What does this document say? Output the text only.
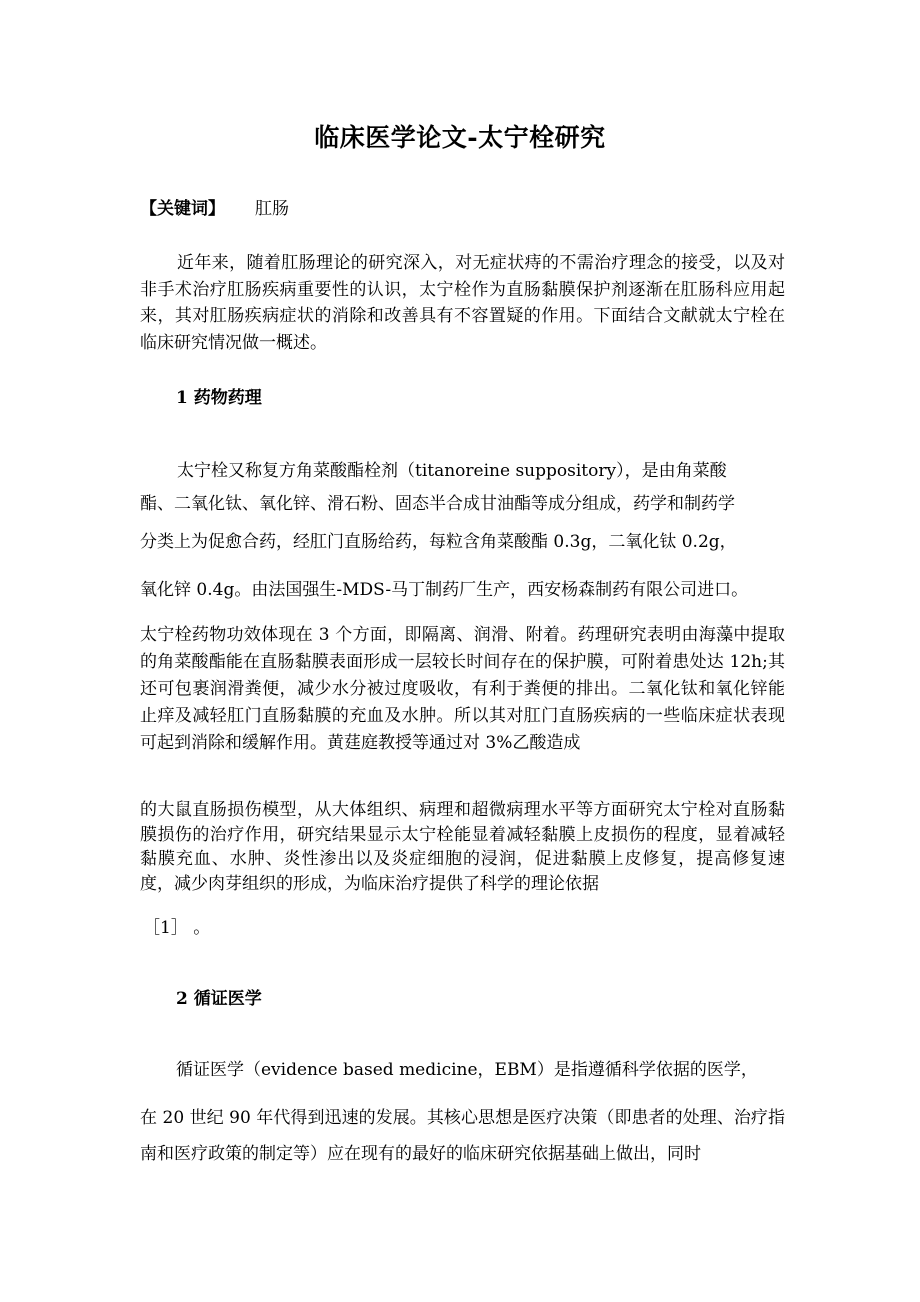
临床医学论文-太宁栓研究
【关键词】 肛肠
近年来，随着肛肠理论的研究深入，对无症状痔的不需治疗理念的接受，以及对非手术治疗肛肠疾病重要性的认识，太宁栓作为直肠黏膜保护剂逐渐在肛肠科应用起来，其对肛肠疾病症状的消除和改善具有不容置疑的作用。下面结合文献就太宁栓在临床研究情况做一概述。
1 药物药理
太宁栓又称复方角菜酸酯栓剂（titanoreine suppository），是由角菜酸
酯、二氧化钛、氧化锌、滑石粉、固态半合成甘油酯等成分组成，药学和制药学
分类上为促愈合药，经肛门直肠给药，每粒含角菜酸酯 0.3g，二氧化钛 0.2g，
氧化锌 0.4g。由法国强生-MDS-马丁制药厂生产，西安杨森制药有限公司进口。
太宁栓药物功效体现在 3 个方面，即隔离、润滑、附着。药理研究表明由海藻中提取的角菜酸酯能在直肠黏膜表面形成一层较长时间存在的保护膜，可附着患处达 12h;其还可包裹润滑粪便，减少水分被过度吸收，有利于粪便的排出。二氧化钛和氧化锌能止痒及减轻肛门直肠黏膜的充血及水肿。所以其对肛门直肠疾病的一些临床症状表现可起到消除和缓解作用。黄莛庭教授等通过对 3%乙酸造成
的大鼠直肠损伤模型，从大体组织、病理和超微病理水平等方面研究太宁栓对直肠黏膜损伤的治疗作用，研究结果显示太宁栓能显着减轻黏膜上皮损伤的程度，显着减轻黏膜充血、水肿、炎性渗出以及炎症细胞的浸润，促进黏膜上皮修复，提高修复速度，减少肉芽组织的形成，为临床治疗提供了科学的理论依据
［1］ 。
2 循证医学
循证医学（evidence based medicine，EBM）是指遵循科学依据的医学，
在 20 世纪 90 年代得到迅速的发展。其核心思想是医疗决策（即患者的处理、治疗指南和医疗政策的制定等）应在现有的最好的临床研究依据基础上做出，同时
